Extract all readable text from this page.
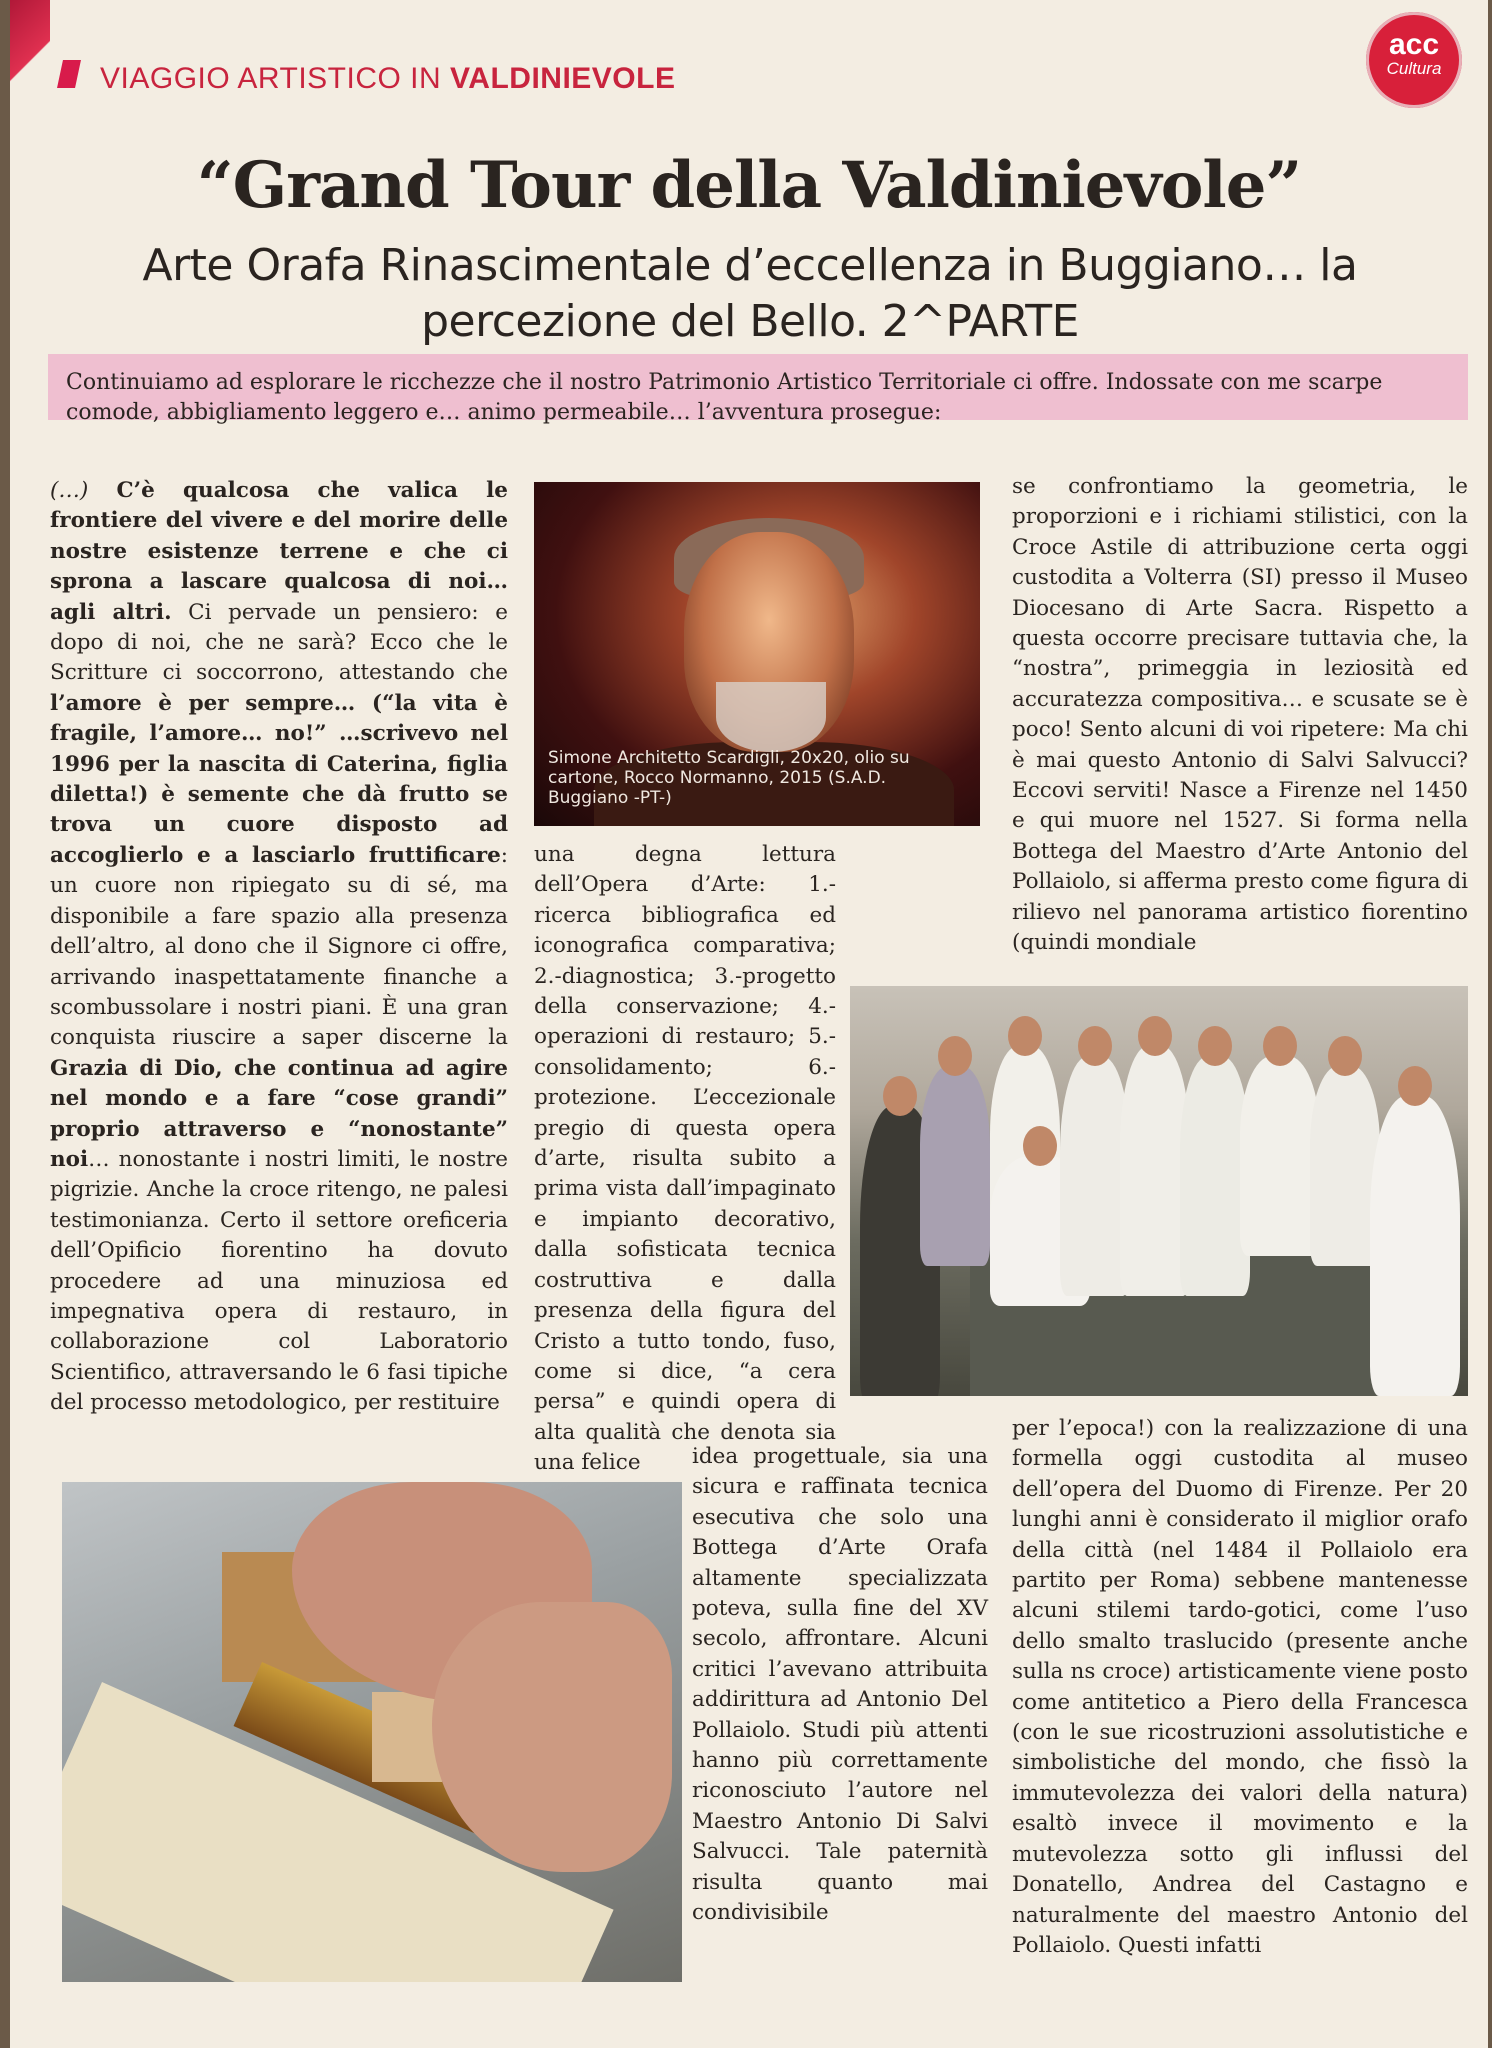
VIAGGIO ARTISTICO IN VALDINIEVOLE
acc
Cultura
“Grand Tour della Valdinievole”
Arte Orafa Rinascimentale d’eccellenza in Buggiano… la percezione del Bello. 2^PARTE
Continuiamo ad esplorare le ricchezze che il nostro Patrimonio Artistico Territoriale ci offre. Indossate con me scarpe comode, abbigliamento leggero e… animo permeabile… l’avventura prosegue:

(…) C’è qualcosa che valica le frontiere del vivere e del morire delle nostre esistenze terrene e che ci sprona a lascare qualcosa di noi… agli altri. Ci pervade un pensiero: e dopo di noi, che ne sarà? Ecco che le Scritture ci soccorrono, attestando che l’amore è per sempre… (“la vita è fragile, l’amore… no!” …scrivevo nel 1996 per la nascita di Caterina, figlia diletta!) è semente che dà frutto se trova un cuore disposto ad accoglierlo e a lasciarlo fruttificare: un cuore non ripiegato su di sé, ma disponibile a fare spazio alla presenza dell’altro, al dono che il Signore ci offre, arrivando inaspettatamente finanche a scombussolare i nostri piani. È una gran conquista riuscire a saper discerne la Grazia di Dio, che continua ad agire nel mondo e a fare “cose grandi” proprio attraverso e “nonostante” noi… nonostante i nostri limiti, le nostre pigrizie. Anche la croce ritengo, ne palesi testimonianza. Certo il settore oreficeria dell’Opificio fiorentino ha dovuto procedere ad una minuziosa ed impegnativa opera di restauro, in collaborazione col Laboratorio Scientifico, attraversando le 6 fasi tipiche del processo metodologico, per restituire

Simone Architetto Scardigli, 20x20, olio su cartone, Rocco Normanno, 2015 (S.A.D. Buggiano -PT-)

una degna lettura dell’Opera d’Arte: 1.-ricerca bibliografica ed iconografica comparativa; 2.-diagnostica; 3.-progetto della conservazione; 4.-operazioni di restauro; 5.-consolidamento; 6.-protezione. L’eccezionale pregio di questa opera d’arte, risulta subito a prima vista dall’impaginato e impianto decorativo, dalla sofisticata tecnica costruttiva e dalla presenza della figura del Cristo a tutto tondo, fuso, come si dice, “a cera persa” e quindi opera di alta qualità che denota sia una felice	idea progettuale, sia una sicura e raffinata tecnica esecutiva che solo una Bottega d’Arte Orafa altamente specializzata poteva, sulla fine del XV secolo, affrontare. Alcuni critici l’avevano attribuita addirittura ad Antonio Del Pollaiolo. Studi più attenti hanno più correttamente riconosciuto l’autore nel Maestro Antonio Di Salvi Salvucci. Tale paternità risulta quanto mai condivisibile

se confrontiamo la geometria, le proporzioni e i richiami stilistici, con la Croce Astile di attribuzione certa oggi custodita a Volterra (SI) presso il Museo Diocesano di Arte Sacra. Rispetto a questa occorre precisare tuttavia che, la “nostra”, primeggia in leziosità ed accuratezza compositiva… e scusate se è poco! Sento alcuni di voi ripetere: Ma chi è mai questo Antonio di Salvi Salvucci? Eccovi serviti! Nasce a Firenze nel 1450 e qui muore nel 1527. Si forma nella Bottega del Maestro d’Arte Antonio del Pollaiolo, si afferma presto come figura di rilievo nel panorama artistico fiorentino (quindi mondiale

per l’epoca!) con la realizzazione di una formella oggi custodita al museo dell’opera del Duomo di Firenze. Per 20 lunghi anni è considerato il miglior orafo della città (nel 1484 il Pollaiolo era partito per Roma) sebbene mantenesse alcuni stilemi tardo-gotici, come l’uso dello smalto traslucido (presente anche sulla ns croce) artisticamente viene posto come antitetico a Piero della Francesca (con le sue ricostruzioni assolutistiche e simbolistiche del mondo, che fissò la immutevolezza dei valori della natura) esaltò invece il movimento e la mutevolezza sotto gli influssi del Donatello, Andrea del Castagno e naturalmente del maestro Antonio del Pollaiolo. Questi infatti
